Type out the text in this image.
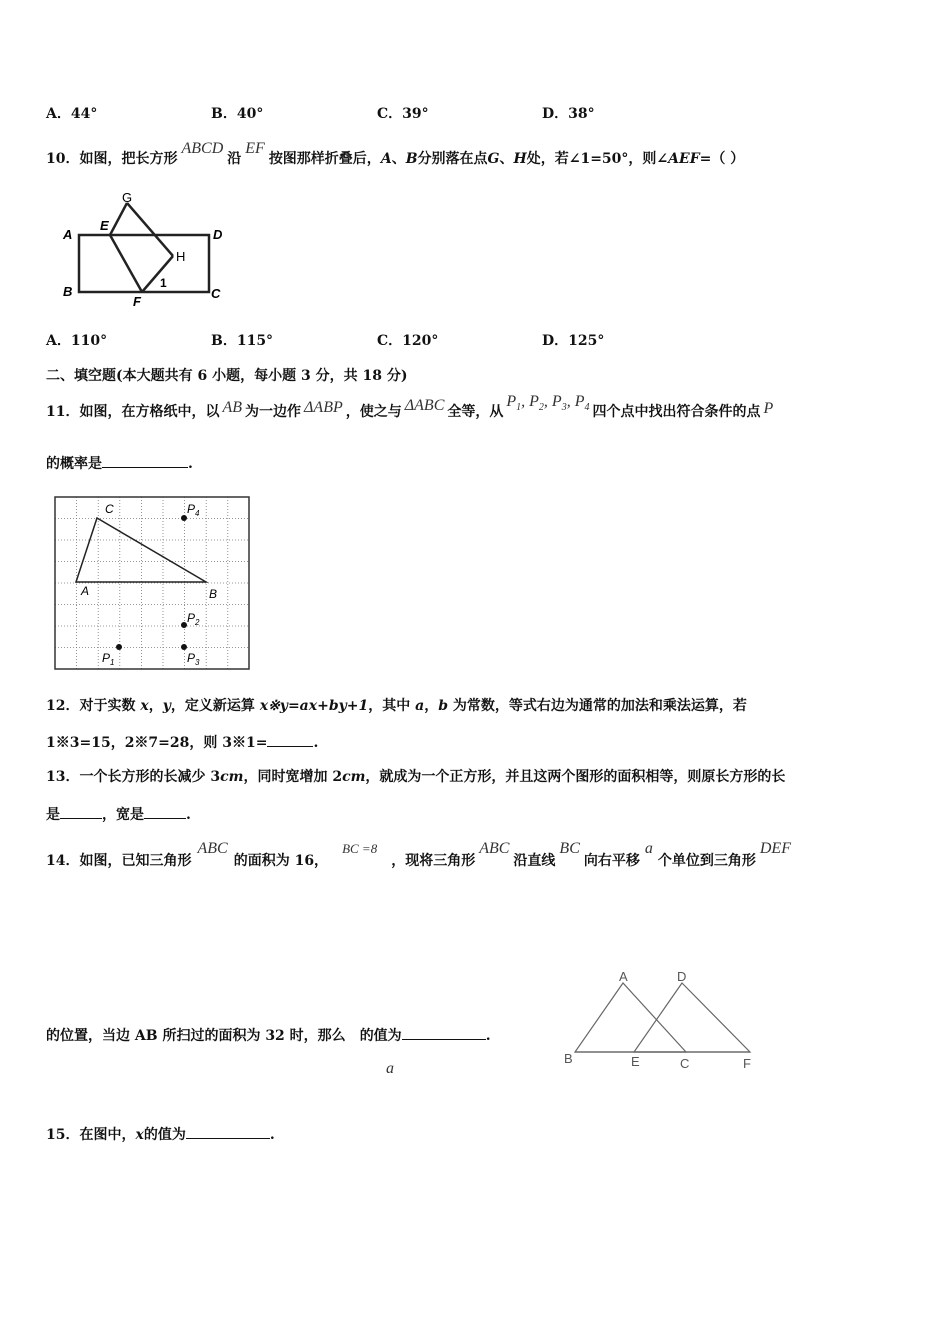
A．44°	B．40°	C．39°	D．38°
10．如图，把长方形ABCD沿EF按图那样折叠后，A、B分别落在点G、H处，若∠1=50°，则∠AEF=（ ）
A
E
G
D
H
B
F
1
C
A．110°	B．115°	C．120°	D．125°
二、填空题(本大题共有 6 小题，每小题 3 分，共 18 分)
11．如图，在方格纸中，以 AB 为一边作 ΔABP ，使之与 ΔABC 全等，从$P_1$, $P_2$, $P_3$, $P_4$ 四个点中找出符合条件的点 P
的概率是	.
C
A	B
$P_4$
$P_2$
$P_1$	$P_3$
12．对于实数 x，y，定义新运算 x※y=ax+by+1，其中 a，b 为常数，等式右边为通常的加法和乘法运算，若
1※3=15，2※7=28，则 3※1=	.
13．一个长方形的长减少 3cm，同时宽增加 2cm，就成为一个正方形，并且这两个图形的面积相等，则原长方形的长
是	，宽是	.
14．如图，已知三角形ABC的面积为 16，BC =8，现将三角形ABC沿直线BC向右平移a个单位到三角形DEF
的位置，当边 AB 所扫过的面积为 32 时，那么 的值为	.
a
A	D
B	E	C	F
15．在图中，x的值为	.
